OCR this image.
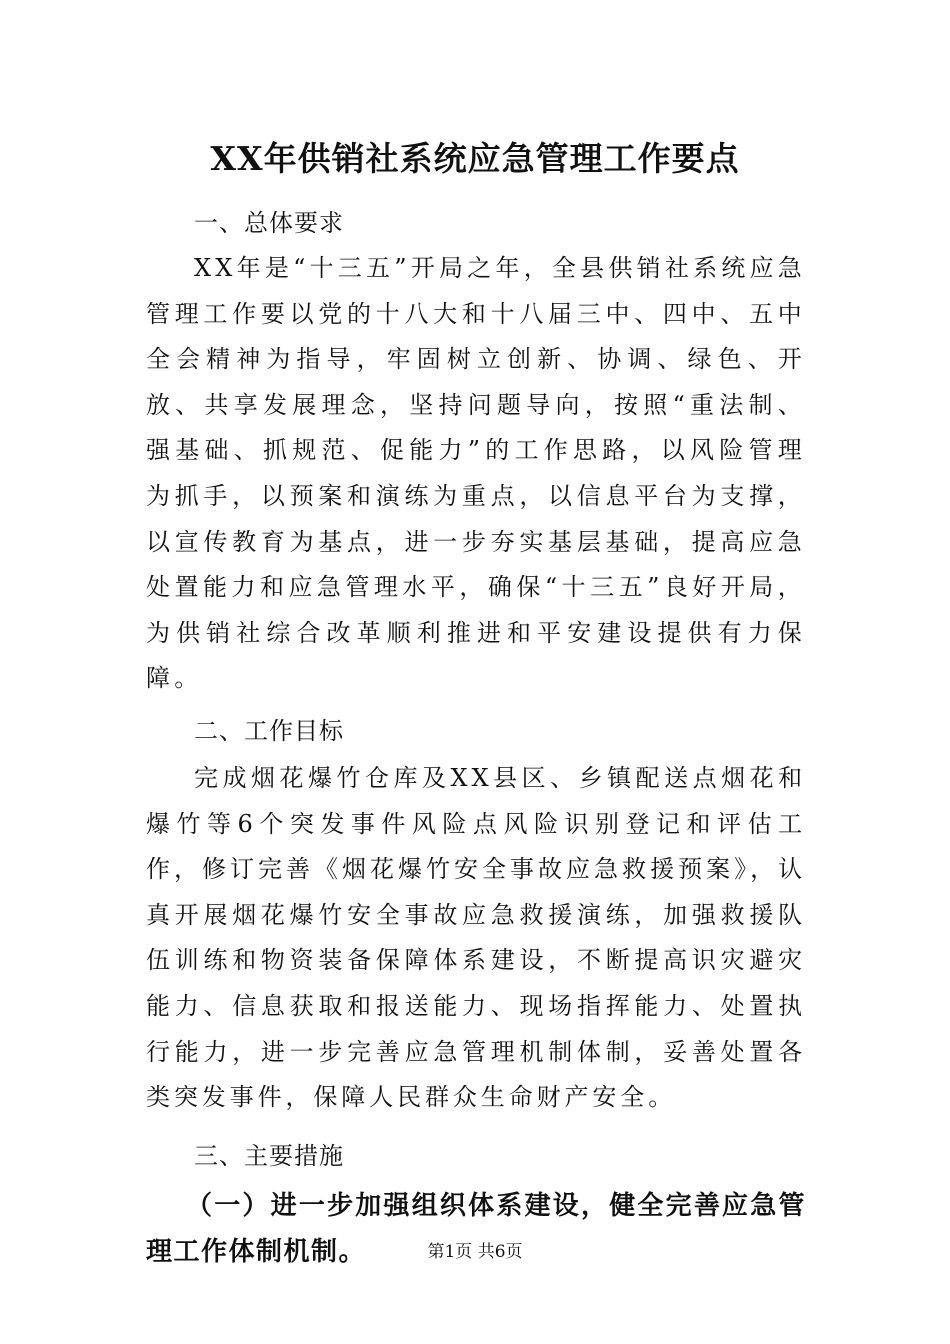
XX年供销社系统应急管理工作要点

一、总体要求

XX年是“十三五”开局之年，全县供销社系统应急管理工作要以党的十八大和十八届三中、四中、五中全会精神为指导，牢固树立创新、协调、绿色、开放、共享发展理念，坚持问题导向，按照“重法制、强基础、抓规范、促能力”的工作思路，以风险管理为抓手，以预案和演练为重点，以信息平台为支撑，以宣传教育为基点，进一步夯实基层基础，提高应急处置能力和应急管理水平，确保“十三五”良好开局，为供销社综合改革顺利推进和平安建设提供有力保障。

二、工作目标

完成烟花爆竹仓库及XX县区、乡镇配送点烟花和爆竹等6个突发事件风险点风险识别登记和评估工作，修订完善《烟花爆竹安全事故应急救援预案》，认真开展烟花爆竹安全事故应急救援演练，加强救援队伍训练和物资装备保障体系建设，不断提高识灾避灾能力、信息获取和报送能力、现场指挥能力、处置执行能力，进一步完善应急管理机制体制，妥善处置各类突发事件，保障人民群众生命财产安全。

三、主要措施

（一）进一步加强组织体系建设，健全完善应急管理工作体制机制。	第1页 共6页
